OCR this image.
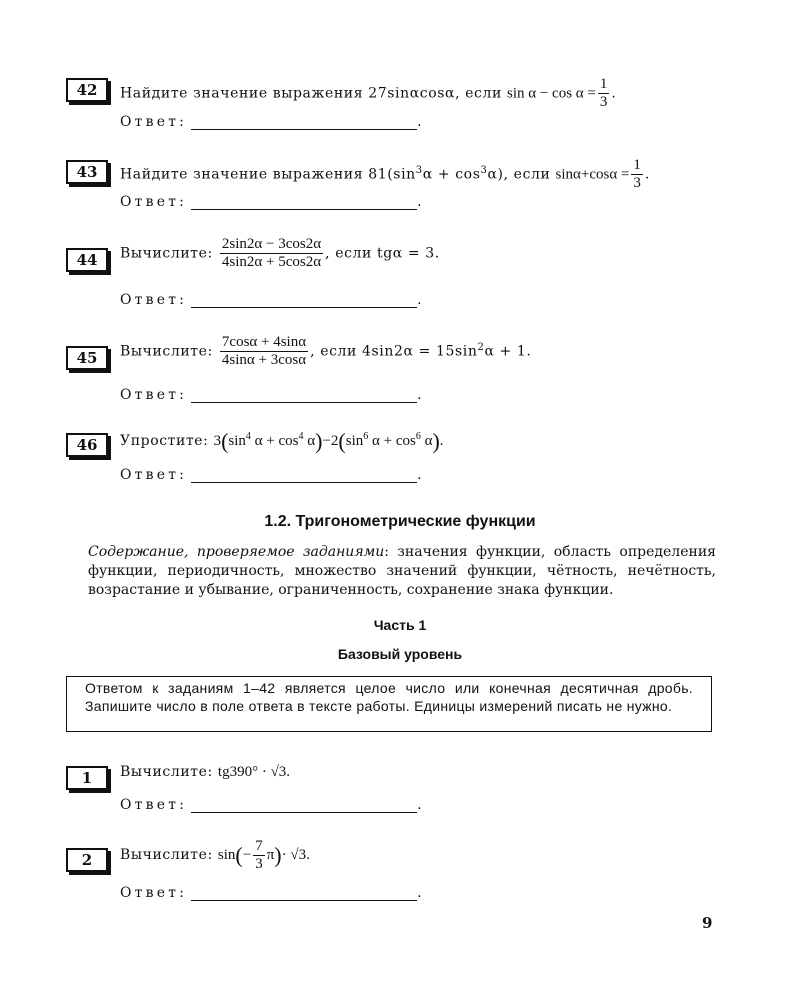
42	Найдите значение выражения 27sinαcosα, если $\sin \alpha - \cos \alpha = \frac{1}{3}$ .
Ответ:	.
43	Найдите значение выражения $81(\sin^3\alpha + \cos^3\alpha)$, если $\sin\alpha+\cos\alpha = \frac{1}{3}$ .
Ответ:	.
44	Вычислите: $\frac{2\sin 2\alpha - 3\cos 2\alpha}{4\sin 2\alpha + 5\cos 2\alpha}$ , если tgα = 3.
Ответ:	.
45	Вычислите: $\frac{7\cos\alpha + 4\sin\alpha}{4\sin\alpha + 3\cos\alpha}$ , если $4\sin 2\alpha = 15\sin^2\alpha + 1$.
Ответ:	.
46	Упростите: $3(\sin^4$ $\alpha + \cos^4 \alpha)-2(\sin^6$ $\alpha + \cos^6 \alpha$).
Ответ:	.
1.2. Тригонометрические функции
Содержание, проверяемое заданиями: значения функции, область определения функции, периодичность, множество значений функции, чётность, нечётность, возрастание и убывание, ограниченность, сохранение знака функции.
Часть 1
Базовый уровень
Ответом к заданиям 1–42 является целое число или конечная десятичная дробь. Запишите число в поле ответа в тексте работы. Единицы измерений писать не нужно.
1	Вычислите: tg390° · √3.
Ответ:	.
2	Вычислите: $\sin(- \frac{7}{3} \pi)\cdot √3$.
Ответ:	.
9
